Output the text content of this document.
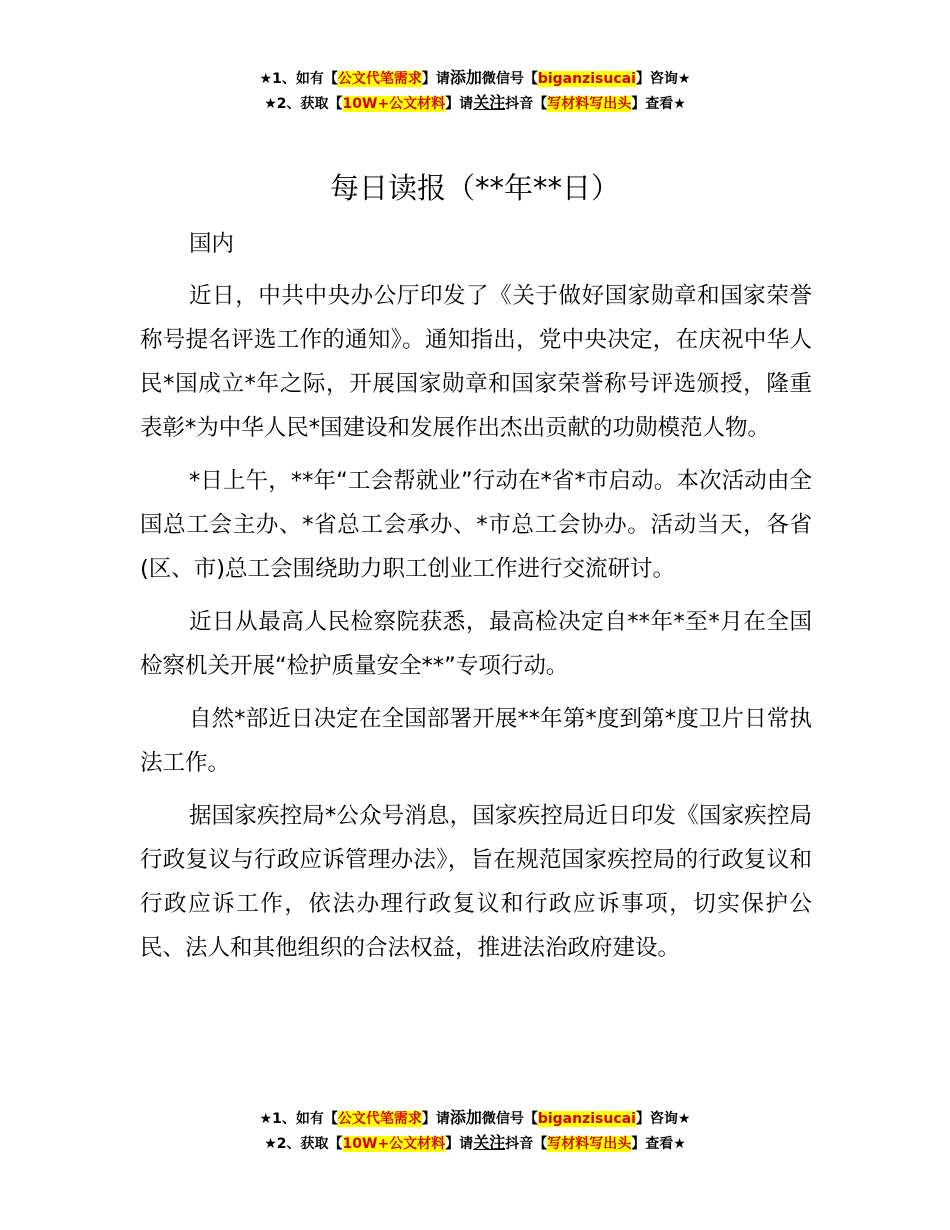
★1、如有【公文代笔需求】请添加微信号【biganzisucai】咨询★
★2、获取【10W+公文材料】请关注抖音【写材料写出头】查看★
每日读报（**年**日）

国内

近日，中共中央办公厅印发了《关于做好国家勋章和国家荣誉称号提名评选工作的通知》。通知指出，党中央决定，在庆祝中华人民*国成立*年之际，开展国家勋章和国家荣誉称号评选颁授，隆重表彰*为中华人民*国建设和发展作出杰出贡献的功勋模范人物。

*日上午，**年“工会帮就业”行动在*省*市启动。本次活动由全国总工会主办、*省总工会承办、*市总工会协办。活动当天，各省(区、市)总工会围绕助力职工创业工作进行交流研讨。

近日从最高人民检察院获悉，最高检决定自**年*至*月在全国检察机关开展“检护质量安全**”专项行动。

自然*部近日决定在全国部署开展**年第*度到第*度卫片日常执法工作。

据国家疾控局*公众号消息，国家疾控局近日印发《国家疾控局行政复议与行政应诉管理办法》，旨在规范国家疾控局的行政复议和行政应诉工作，依法办理行政复议和行政应诉事项，切实保护公民、法人和其他组织的合法权益，推进法治政府建设。

★1、如有【公文代笔需求】请添加微信号【biganzisucai】咨询★
★2、获取【10W+公文材料】请关注抖音【写材料写出头】查看★
